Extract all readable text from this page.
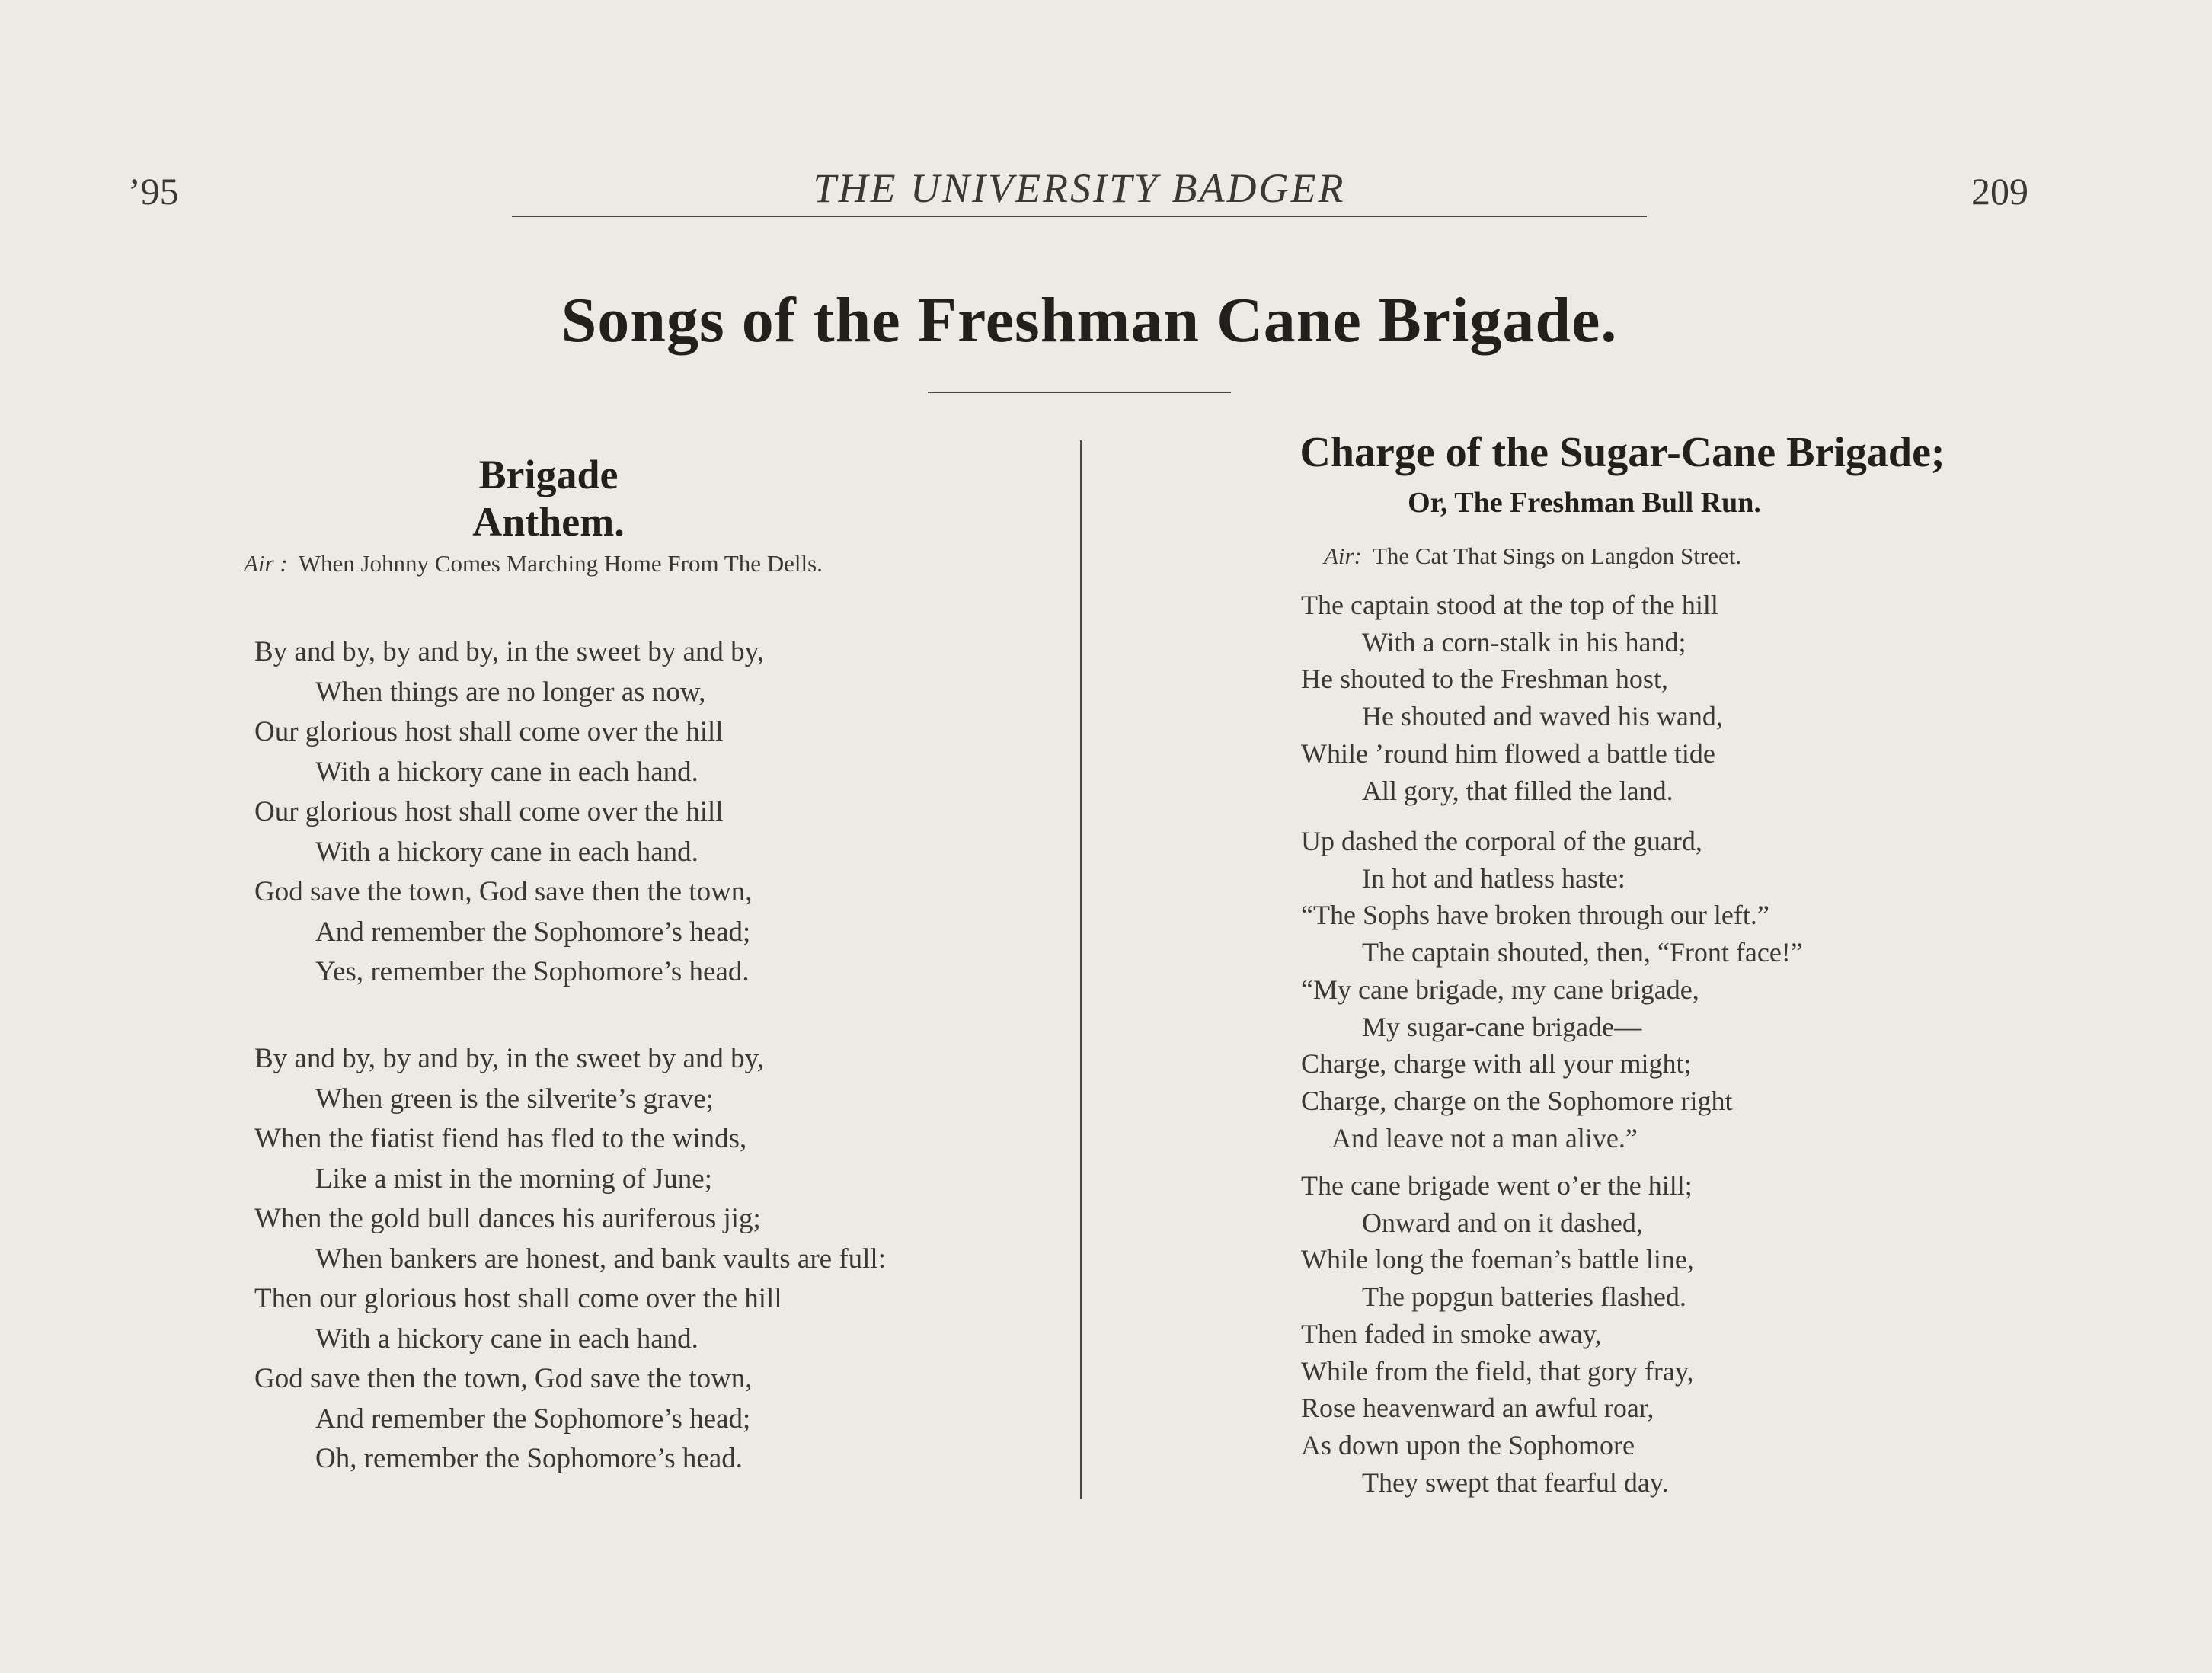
’95	THE UNIVERSITY BADGER	209
Songs of the Freshman Cane Brigade.
Brigade Anthem.
Air : When Johnny Comes Marching Home From The Dells.
By and by, by and by, in the sweet by and by,
When things are no longer as now,
Our glorious host shall come over the hill
With a hickory cane in each hand.
Our glorious host shall come over the hill
With a hickory cane in each hand.
God save the town, God save then the town,
And remember the Sophomore’s head;
Yes, remember the Sophomore’s head.
By and by, by and by, in the sweet by and by,
When green is the silverite’s grave;
When the fiatist fiend has fled to the winds,
Like a mist in the morning of June;
When the gold bull dances his auriferous jig;
When bankers are honest, and bank vaults are full:
Then our glorious host shall come over the hill
With a hickory cane in each hand.
God save then the town, God save the town,
And remember the Sophomore’s head;
Oh, remember the Sophomore’s head.
Charge of the Sugar-Cane Brigade;
Or, The Freshman Bull Run.
Air: The Cat That Sings on Langdon Street.
The captain stood at the top of the hill
With a corn-stalk in his hand;
He shouted to the Freshman host,
He shouted and waved his wand,
While ’round him flowed a battle tide
All gory, that filled the land.
Up dashed the corporal of the guard,
In hot and hatless haste:
“The Sophs have broken through our left.”
The captain shouted, then, “Front face!”
“My cane brigade, my cane brigade,
My sugar-cane brigade—
Charge, charge with all your might;
Charge, charge on the Sophomore right
And leave not a man alive.”
The cane brigade went o’er the hill;
Onward and on it dashed,
While long the foeman’s battle line,
The popgun batteries flashed.
Then faded in smoke away,
While from the field, that gory fray,
Rose heavenward an awful roar,
As down upon the Sophomore
They swept that fearful day.
